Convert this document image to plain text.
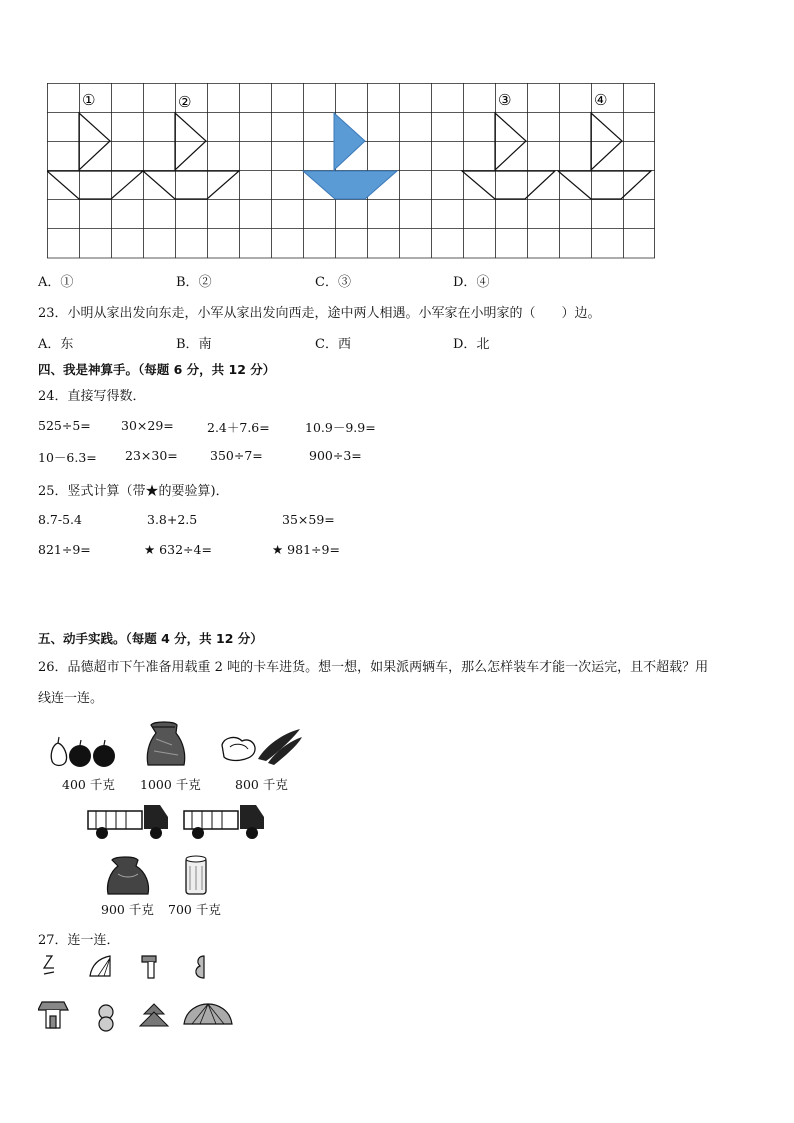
①	②	③	④
A．①	B．②	C．③	D．④
23．小明从家出发向东走，小军从家出发向西走，途中两人相遇。小军家在小明家的（　　）边。
A．东	B．南	C．西	D．北
四、我是神算手。（每题 6 分，共 12 分）
24．直接写得数．
525÷5= 30×29=	2.4＋7.6=	10.9－9.9=
10－6.3= 23×30=	350÷7=	900÷3=
25．竖式计算（带★的要验算)．
8.7-5.4	3.8+2.5	35×59=
821÷9=	★ 632÷4=	★ 981÷9=
五、动手实践。（每题 4 分，共 12 分）
26．品德超市下午准备用载重 2 吨的卡车进货。想一想，如果派两辆车，那么怎样装车才能一次运完，且不超载？用
线连一连。
400 千克 1000 千克	800 千克
900 千克 700 千克
27．连一连．
